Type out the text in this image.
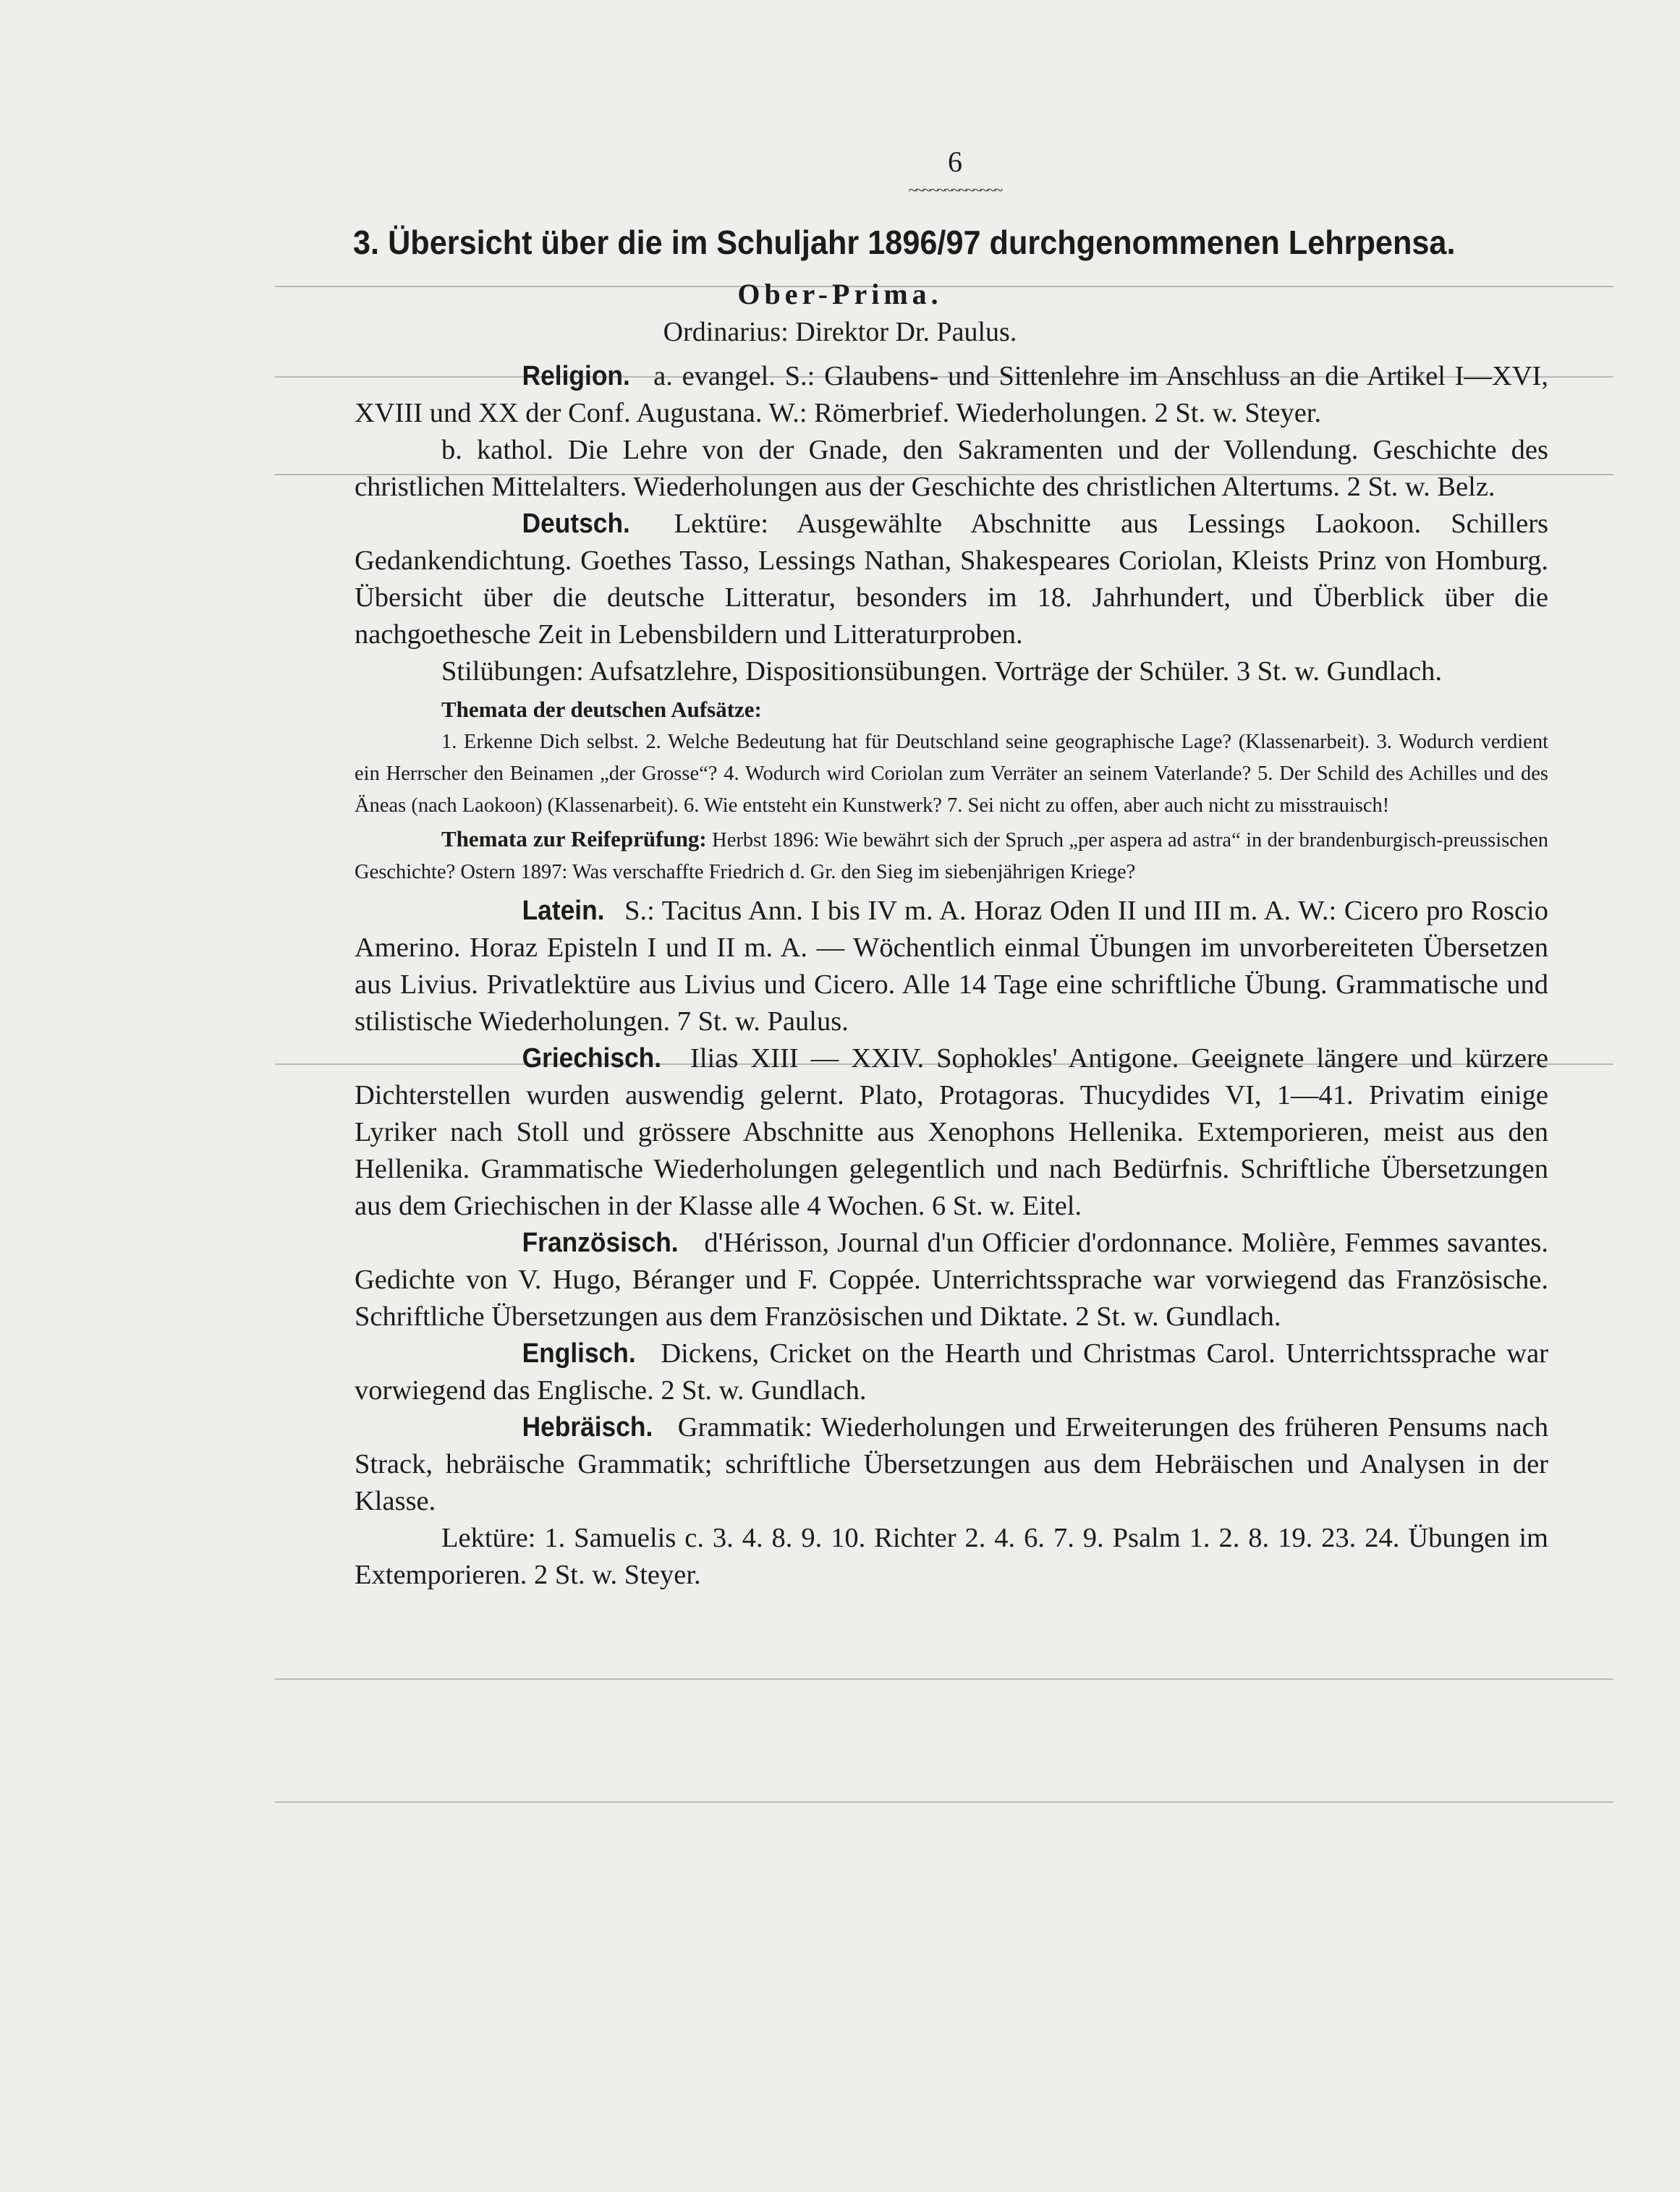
6
~~~~~~~~~~~~~
3. Übersicht über die im Schuljahr 1896/97 durchgenommenen Lehrpensa.
Ober-Prima.
Ordinarius: Direktor Dr. Paulus.

Religion. a. evangel. S.: Glaubens- und Sittenlehre im Anschluss an die Artikel I—XVI, XVIII und XX der Conf. Augustana. W.: Römerbrief. Wiederholungen. 2 St. w. Steyer.

b. kathol. Die Lehre von der Gnade, den Sakramenten und der Vollendung. Geschichte des christlichen Mittelalters. Wiederholungen aus der Geschichte des christlichen Altertums. 2 St. w. Belz.

Deutsch. Lektüre: Ausgewählte Abschnitte aus Lessings Laokoon. Schillers Gedankendichtung. Goethes Tasso, Lessings Nathan, Shakespeares Coriolan, Kleists Prinz von Homburg. Übersicht über die deutsche Litteratur, besonders im 18. Jahrhundert, und Überblick über die nachgoethesche Zeit in Lebensbildern und Litteraturproben.

Stilübungen: Aufsatzlehre, Dispositionsübungen. Vorträge der Schüler. 3 St. w. Gundlach.

Themata der deutschen Aufsätze:

1. Erkenne Dich selbst. 2. Welche Bedeutung hat für Deutschland seine geographische Lage? (Klassenarbeit). 3. Wodurch verdient ein Herrscher den Beinamen „der Grosse“? 4. Wodurch wird Coriolan zum Verräter an seinem Vaterlande? 5. Der Schild des Achilles und des Äneas (nach Laokoon) (Klassenarbeit). 6. Wie entsteht ein Kunstwerk? 7. Sei nicht zu offen, aber auch nicht zu misstrauisch!

Themata zur Reifeprüfung: Herbst 1896: Wie bewährt sich der Spruch „per aspera ad astra“ in der brandenburgisch-preussischen Geschichte? Ostern 1897: Was verschaffte Friedrich d. Gr. den Sieg im siebenjährigen Kriege?

Latein. S.: Tacitus Ann. I bis IV m. A. Horaz Oden II und III m. A. W.: Cicero pro Roscio Amerino. Horaz Episteln I und II m. A. — Wöchentlich einmal Übungen im unvorbereiteten Übersetzen aus Livius. Privatlektüre aus Livius und Cicero. Alle 14 Tage eine schriftliche Übung. Grammatische und stilistische Wiederholungen. 7 St. w. Paulus.

Griechisch. Ilias XIII — XXIV. Sophokles' Antigone. Geeignete längere und kürzere Dichterstellen wurden auswendig gelernt. Plato, Protagoras. Thucydides VI, 1—41. Privatim einige Lyriker nach Stoll und grössere Abschnitte aus Xenophons Hellenika. Extemporieren, meist aus den Hellenika. Grammatische Wiederholungen gelegentlich und nach Bedürfnis. Schriftliche Übersetzungen aus dem Griechischen in der Klasse alle 4 Wochen. 6 St. w. Eitel.

Französisch. d'Hérisson, Journal d'un Officier d'ordonnance. Molière, Femmes savantes. Gedichte von V. Hugo, Béranger und F. Coppée. Unterrichtssprache war vorwiegend das Französische. Schriftliche Übersetzungen aus dem Französischen und Diktate. 2 St. w. Gundlach.

Englisch. Dickens, Cricket on the Hearth und Christmas Carol. Unterrichtssprache war vorwiegend das Englische. 2 St. w. Gundlach.

Hebräisch. Grammatik: Wiederholungen und Erweiterungen des früheren Pensums nach Strack, hebräische Grammatik; schriftliche Übersetzungen aus dem Hebräischen und Analysen in der Klasse.

Lektüre: 1. Samuelis c. 3. 4. 8. 9. 10. Richter 2. 4. 6. 7. 9. Psalm 1. 2. 8. 19. 23. 24. Übungen im Extemporieren. 2 St. w. Steyer.
